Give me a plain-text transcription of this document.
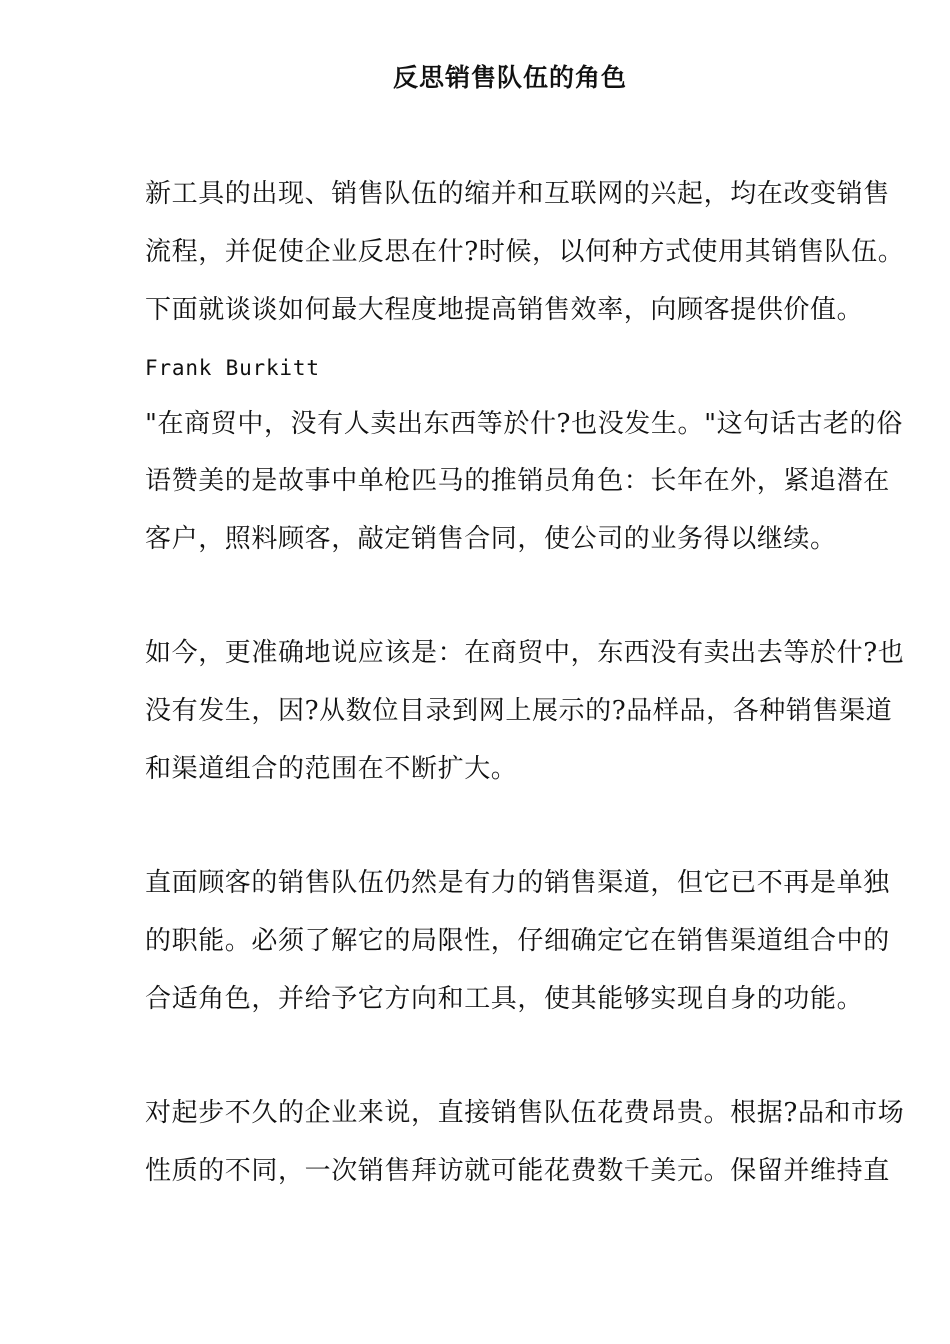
反思销售队伍的角色
新工具的出现、销售队伍的缩并和互联网的兴起，均在改变销售
流程，并促使企业反思在什?时候，以何种方式使用其销售队伍。
下面就谈谈如何最大程度地提高销售效率，向顾客提供价值。
Frank Burkitt
"在商贸中，没有人卖出东西等於什?也没发生。"这句话古老的俗
语赞美的是故事中单枪匹马的推销员角色：长年在外，紧追潜在
客户，照料顾客，敲定销售合同，使公司的业务得以继续。
如今，更准确地说应该是：在商贸中，东西没有卖出去等於什?也
没有发生，因?从数位目录到网上展示的?品样品，各种销售渠道
和渠道组合的范围在不断扩大。
直面顾客的销售队伍仍然是有力的销售渠道，但它已不再是单独
的职能。必须了解它的局限性，仔细确定它在销售渠道组合中的
合适角色，并给予它方向和工具，使其能够实现自身的功能。
对起步不久的企业来说，直接销售队伍花费昂贵。根据?品和市场
性质的不同，一次销售拜访就可能花费数千美元。保留并维持直
